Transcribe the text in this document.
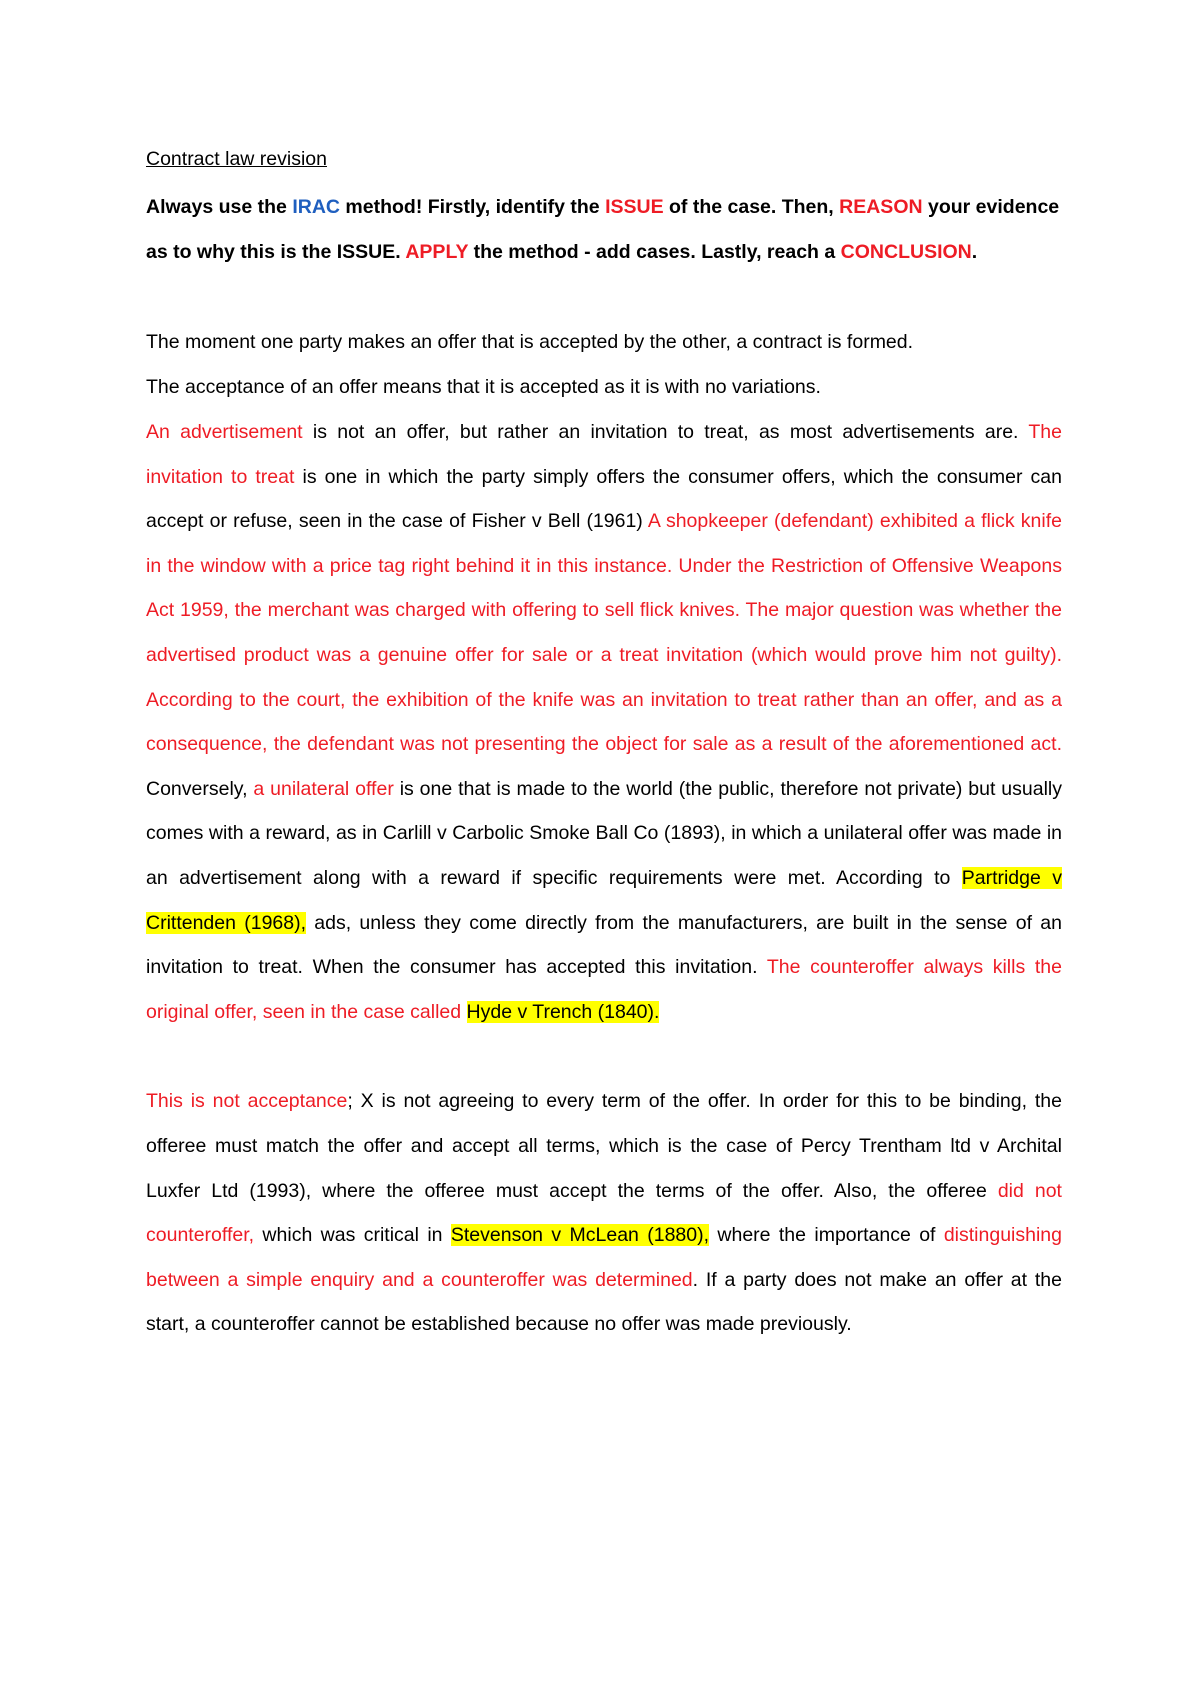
Contract law revision

Always use the IRAC method! Firstly, identify the ISSUE of the case. Then, REASON your evidence as to why this is the ISSUE. APPLY the method - add cases. Lastly, reach a CONCLUSION.

The moment one party makes an offer that is accepted by the other, a contract is formed.

The acceptance of an offer means that it is accepted as it is with no variations.

An advertisement is not an offer, but rather an invitation to treat, as most advertisements are. The invitation to treat is one in which the party simply offers the consumer offers, which the consumer can accept or refuse, seen in the case of Fisher v Bell (1961) A shopkeeper (defendant) exhibited a flick knife in the window with a price tag right behind it in this instance. Under the Restriction of Offensive Weapons Act 1959, the merchant was charged with offering to sell flick knives. The major question was whether the advertised product was a genuine offer for sale or a treat invitation (which would prove him not guilty). According to the court, the exhibition of the knife was an invitation to treat rather than an offer, and as a consequence, the defendant was not presenting the object for sale as a result of the aforementioned act. Conversely, a unilateral offer is one that is made to the world (the public, therefore not private) but usually comes with a reward, as in Carlill v Carbolic Smoke Ball Co (1893), in which a unilateral offer was made in an advertisement along with a reward if specific requirements were met. According to Partridge v Crittenden (1968), ads, unless they come directly from the manufacturers, are built in the sense of an invitation to treat. When the consumer has accepted this invitation. The counteroffer always kills the original offer, seen in the case called Hyde v Trench (1840).

This is not acceptance; X is not agreeing to every term of the offer. In order for this to be binding, the offeree must match the offer and accept all terms, which is the case of Percy Trentham ltd v Archital Luxfer Ltd (1993), where the offeree must accept the terms of the offer. Also, the offeree did not counteroffer, which was critical in Stevenson v McLean (1880), where the importance of distinguishing between a simple enquiry and a counteroffer was determined. If a party does not make an offer at the start, a counteroffer cannot be established because no offer was made previously.
